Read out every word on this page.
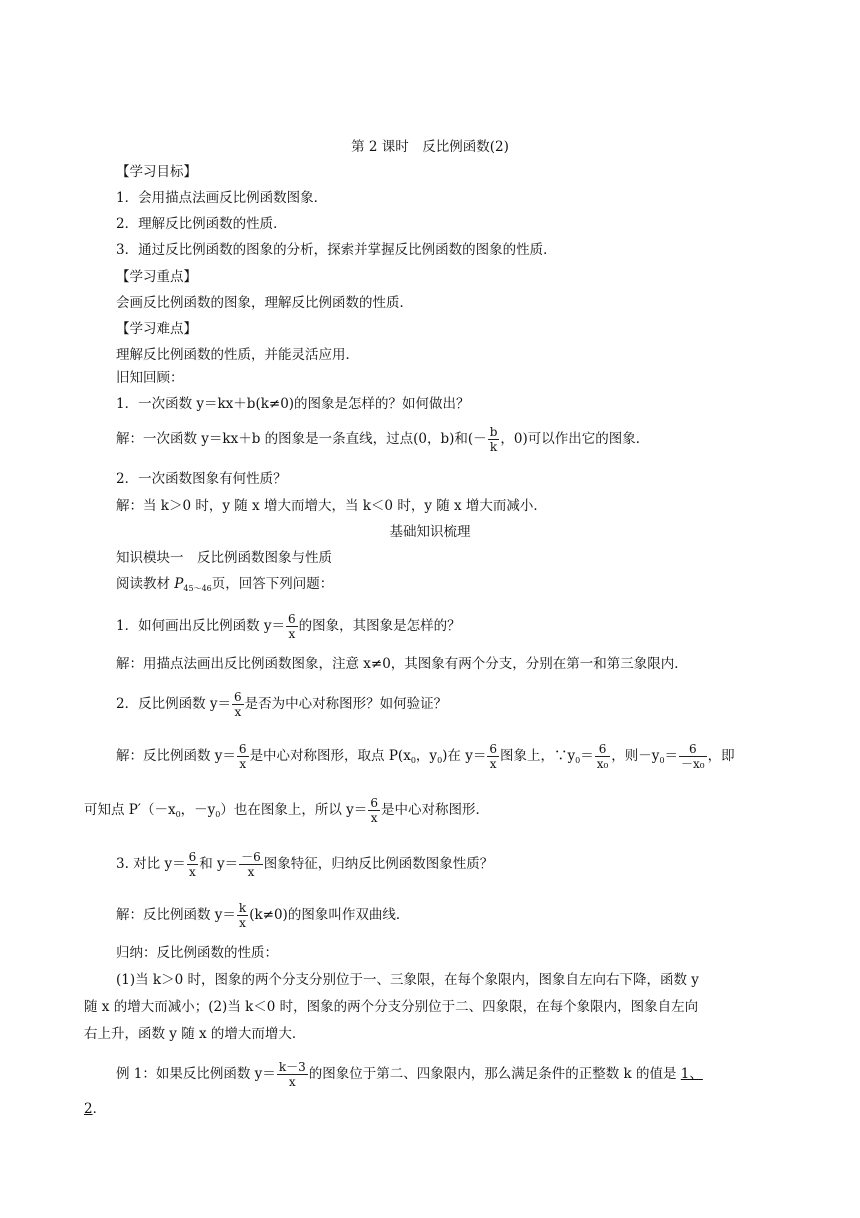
第 2 课时　反比例函数(2)
【学习目标】
1．会用描点法画反比例函数图象．
2．理解反比例函数的性质．
3．通过反比例函数的图象的分析，探索并掌握反比例函数的图象的性质．
【学习重点】
会画反比例函数的图象，理解反比例函数的性质．
【学习难点】
理解反比例函数的性质，并能灵活应用．
旧知回顾：
1．一次函数 y＝kx＋b(k≠0)的图象是怎样的？如何做出？
解：一次函数 y＝kx＋b 的图象是一条直线，过点(0，b)和(－ $\frac{b}{k}$ ，0)可以作出它的图象．
2．一次函数图象有何性质？
解：当 k＞0 时，y 随 x 增大而增大，当 k＜0 时，y 随 x 增大而减小．
基础知识梳理
知识模块一　反比例函数图象与性质
阅读教材 $P_{45\sim 46}$页，回答下列问题：
1．如何画出反比例函数 $y= \frac{6}{x}$ 的图象，其图象是怎样的？
解：用描点法画出反比例函数图象，注意 x≠0，其图象有两个分支，分别在第一和第三象限内．
2．反比例函数 $y= \frac{6}{x}$ 是否为中心对称图形？如何验证？
解：反比例函数 $y= \frac{6}{x}$ 是中心对称图形，取点 $P(x_0$，$y_0$)在 $y= \frac{6}{x}$ 图象上，$\because y_0= \frac{6}{\text{x₀}}$ ，则$-y_0= \frac{6}{\text{－x₀}}$ ，即
可知点 $P'(-x_0$，$-y_0$）也在图象上，所以 $y= \frac{6}{x}$ 是中心对称图形．
3. 对比 $y= \frac{6}{x}$ 和 $y= \frac{-6}{x}$ 图象特征，归纳反比例函数图象性质？
解：反比例函数 $y= \frac{k}{x} (k\ne 0)$的图象叫作双曲线．
归纳：反比例函数的性质：
(1)当 k＞0 时，图象的两个分支分别位于一、三象限，在每个象限内，图象自左向右下降，函数 y
随 x 的增大而减小；(2)当 k＜0 时，图象的两个分支分别位于二、四象限，在每个象限内，图象自左向
右上升，函数 y 随 x 的增大而增大．
例 1：如果反比例函数 $y= \frac{k-3}{x}$ 的图象位于第二、四象限内，那么满足条件的正整数 k 的值是 1、
2．
